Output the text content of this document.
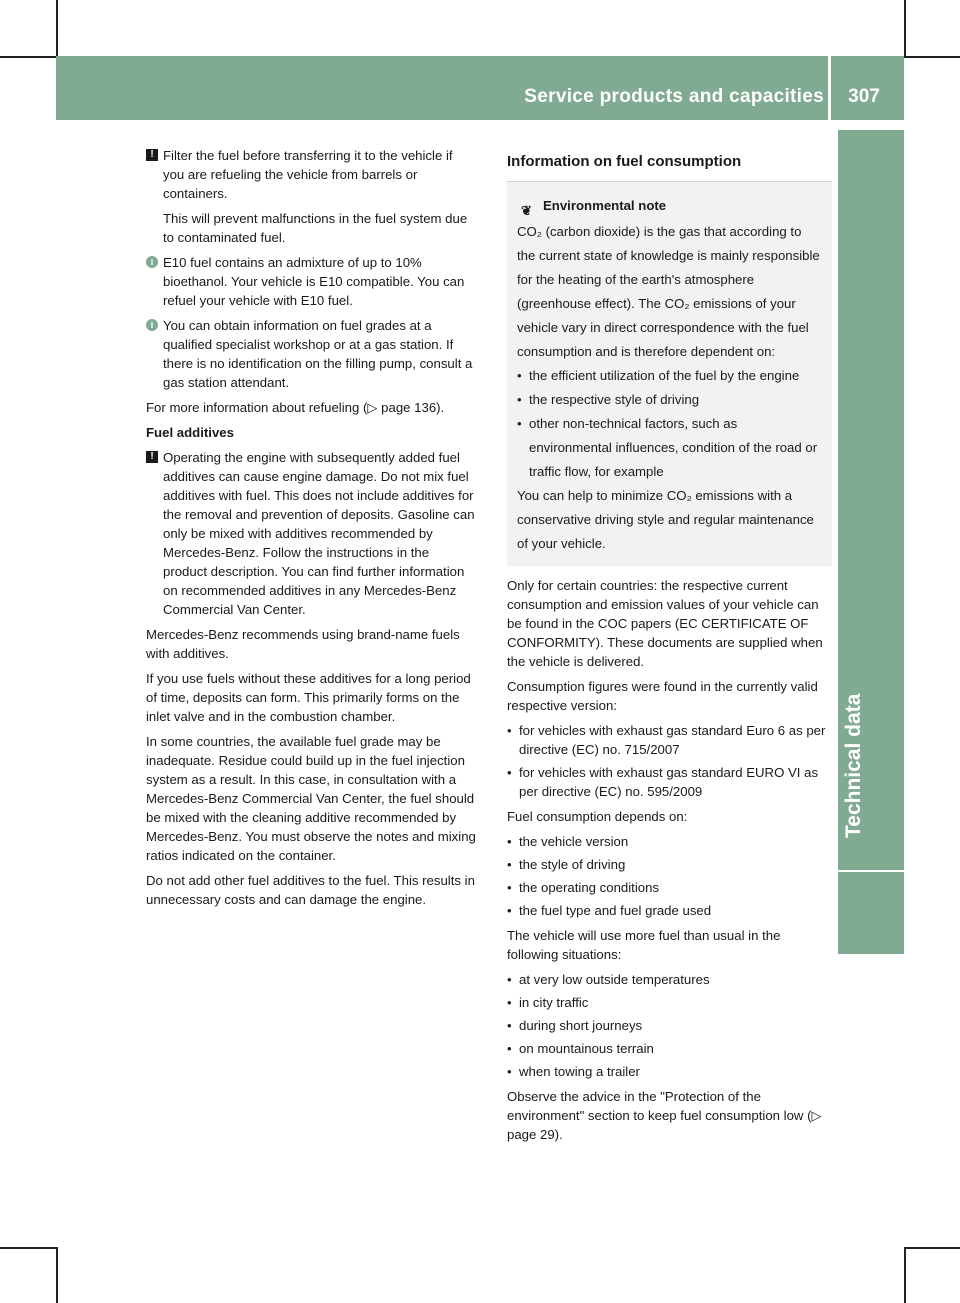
Service products and capacities	307
! Filter the fuel before transferring it to the vehicle if you are refueling the vehicle from barrels or containers.

This will prevent malfunctions in the fuel system due to contaminated fuel.

i E10 fuel contains an admixture of up to 10% bioethanol. Your vehicle is E10 compatible. You can refuel your vehicle with E10 fuel.

i You can obtain information on fuel grades at a qualified specialist workshop or at a gas station. If there is no identification on the filling pump, consult a gas station attendant.

For more information about refueling (▷ page 136).

Fuel additives

! Operating the engine with subsequently added fuel additives can cause engine damage. Do not mix fuel additives with fuel. This does not include additives for the removal and prevention of deposits. Gasoline can only be mixed with additives recommended by Mercedes-Benz. Follow the instructions in the product description. You can find further information on recommended additives in any Mercedes-Benz Commercial Van Center.

Mercedes-Benz recommends using brand-name fuels with additives.

If you use fuels without these additives for a long period of time, deposits can form. This primarily forms on the inlet valve and in the combustion chamber.

In some countries, the available fuel grade may be inadequate. Residue could build up in the fuel injection system as a result. In this case, in consultation with a Mercedes-Benz Commercial Van Center, the fuel should be mixed with the cleaning additive recommended by Mercedes-Benz. You must observe the notes and mixing ratios indicated on the container.

Do not add other fuel additives to the fuel. This results in unnecessary costs and can damage the engine.

Information on fuel consumption

❦ Environmental note

CO₂ (carbon dioxide) is the gas that according to the current state of knowledge is mainly responsible for the heating of the earth's atmosphere (greenhouse effect). The CO₂ emissions of your vehicle vary in direct correspondence with the fuel consumption and is therefore dependent on:

• the efficient utilization of the fuel by the engine
• the respective style of driving
• other non-technical factors, such as environmental influences, condition of the road or traffic flow, for example

You can help to minimize CO₂ emissions with a conservative driving style and regular maintenance of your vehicle.

Only for certain countries: the respective current consumption and emission values of your vehicle can be found in the COC papers (EC CERTIFICATE OF CONFORMITY). These documents are supplied when the vehicle is delivered.

Consumption figures were found in the currently valid respective version:

• for vehicles with exhaust gas standard Euro 6 as per directive (EC) no. 715/2007
• for vehicles with exhaust gas standard EURO VI as per directive (EC) no. 595/2009

Fuel consumption depends on:

• the vehicle version
• the style of driving
• the operating conditions
• the fuel type and fuel grade used

The vehicle will use more fuel than usual in the following situations:

• at very low outside temperatures
• in city traffic
• during short journeys
• on mountainous terrain
• when towing a trailer

Observe the advice in the "Protection of the environment" section to keep fuel consumption low (▷ page 29).
